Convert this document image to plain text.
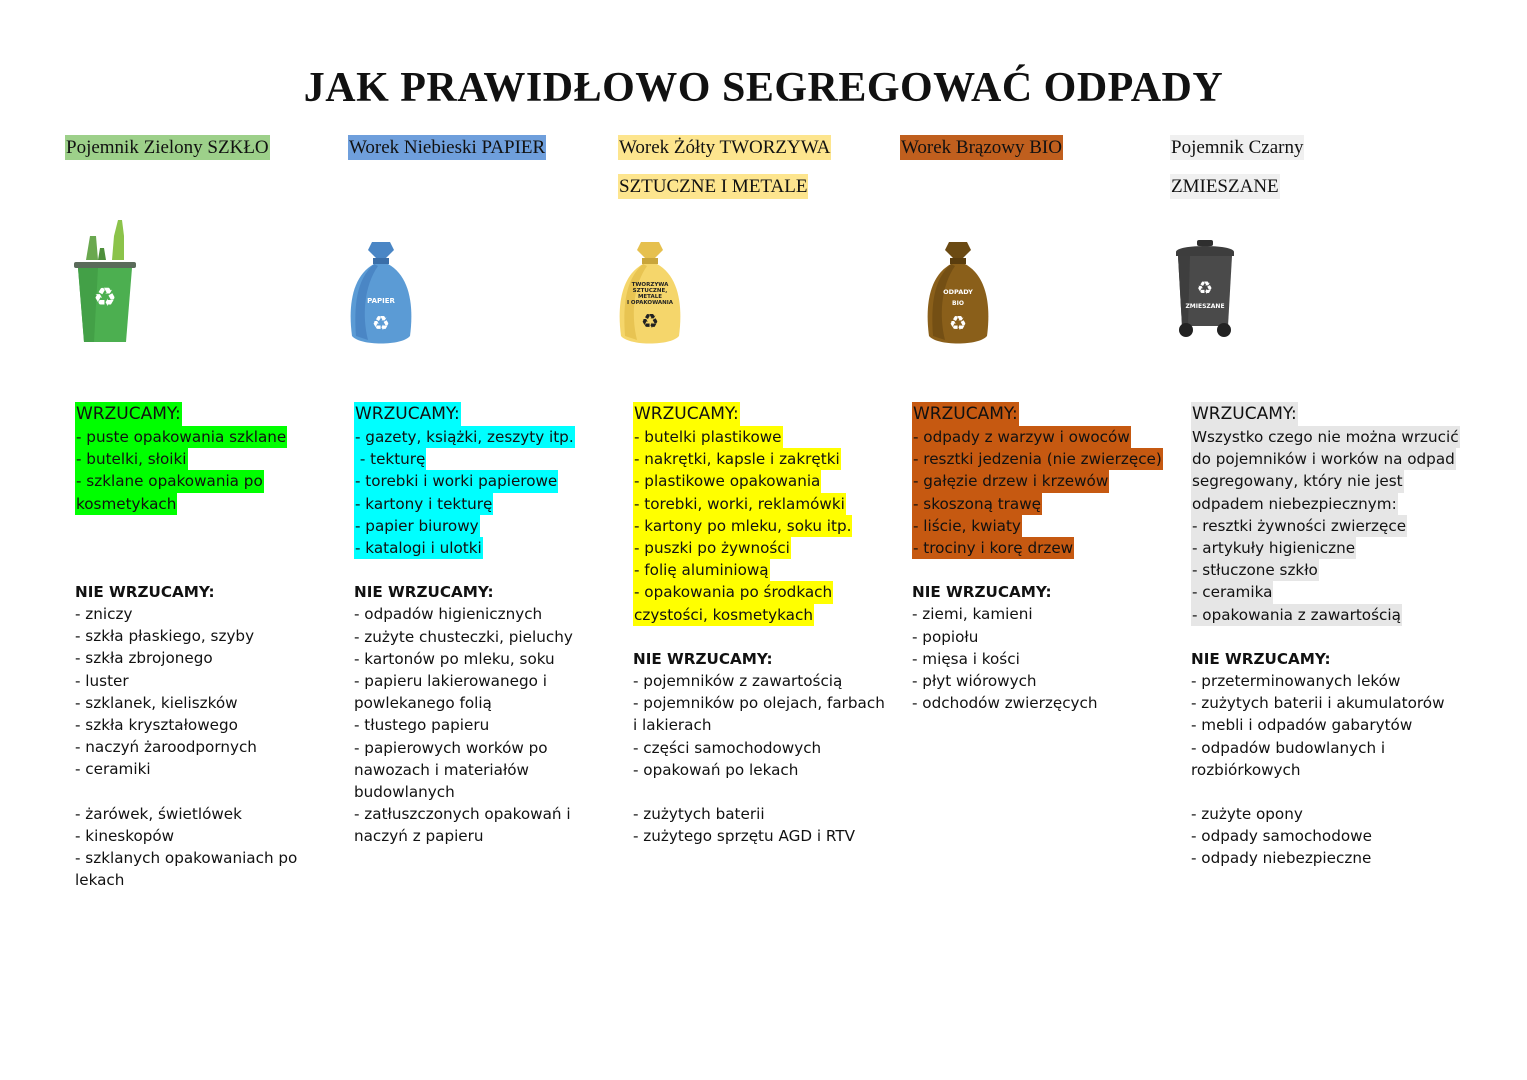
JAK PRAWIDŁOWO SEGREGOWAĆ ODPADY
Pojemnik Zielony SZKŁO	Worek Niebieski PAPIER	Worek Żółty TWORZYWA
SZTUCZNE I METALE
Worek Brązowy BIO	Pojemnik Czarny
ZMIESZANE
♻	PAPIER
♻
TWORZYWA
SZTUCZNE,
METALE
I OPAKOWANIA
♻
ODPADY
BIO
♻
♻
ZMIESZANE
WRZUCAMY:
- puste opakowania szklane
- butelki, słoiki
- szklane opakowania po
kosmetykach
NIE WRZUCAMY:
- zniczy
- szkła płaskiego, szyby
- szkła zbrojonego
- luster
- szklanek, kieliszków
- szkła kryształowego
- naczyń żaroodpornych
- ceramiki
- żarówek, świetlówek
- kineskopów
- szklanych opakowaniach po
lekach
WRZUCAMY:
- gazety, książki, zeszyty itp.
- tekturę
- torebki i worki papierowe
- kartony i tekturę
- papier biurowy
- katalogi i ulotki
NIE WRZUCAMY:
- odpadów higienicznych
- zużyte chusteczki, pieluchy
- kartonów po mleku, soku
- papieru lakierowanego i
powlekanego folią
- tłustego papieru
- papierowych worków po
nawozach i materiałów
budowlanych
- zatłuszczonych opakowań i
naczyń z papieru
WRZUCAMY:
- butelki plastikowe
- nakrętki, kapsle i zakrętki
- plastikowe opakowania
- torebki, worki, reklamówki
- kartony po mleku, soku itp.
- puszki po żywności
- folię aluminiową
- opakowania po środkach
czystości, kosmetykach
NIE WRZUCAMY:
- pojemników z zawartością
- pojemników po olejach, farbach
i lakierach
- części samochodowych
- opakowań po lekach
- zużytych baterii
- zużytego sprzętu AGD i RTV
WRZUCAMY:
- odpady z warzyw i owoców
- resztki jedzenia (nie zwierzęce)
- gałęzie drzew i krzewów
- skoszoną trawę
- liście, kwiaty
- trociny i korę drzew
NIE WRZUCAMY:
- ziemi, kamieni
- popiołu
- mięsa i kości
- płyt wiórowych
- odchodów zwierzęcych
WRZUCAMY:
Wszystko czego nie można wrzucić
do pojemników i worków na odpad
segregowany, który nie jest
odpadem niebezpiecznym:
- resztki żywności zwierzęce
- artykuły higieniczne
- stłuczone szkło
- ceramika
- opakowania z zawartością
NIE WRZUCAMY:
- przeterminowanych leków
- zużytych baterii i akumulatorów
- mebli i odpadów gabarytów
- odpadów budowlanych i
rozbiórkowych
- zużyte opony
- odpady samochodowe
- odpady niebezpieczne
